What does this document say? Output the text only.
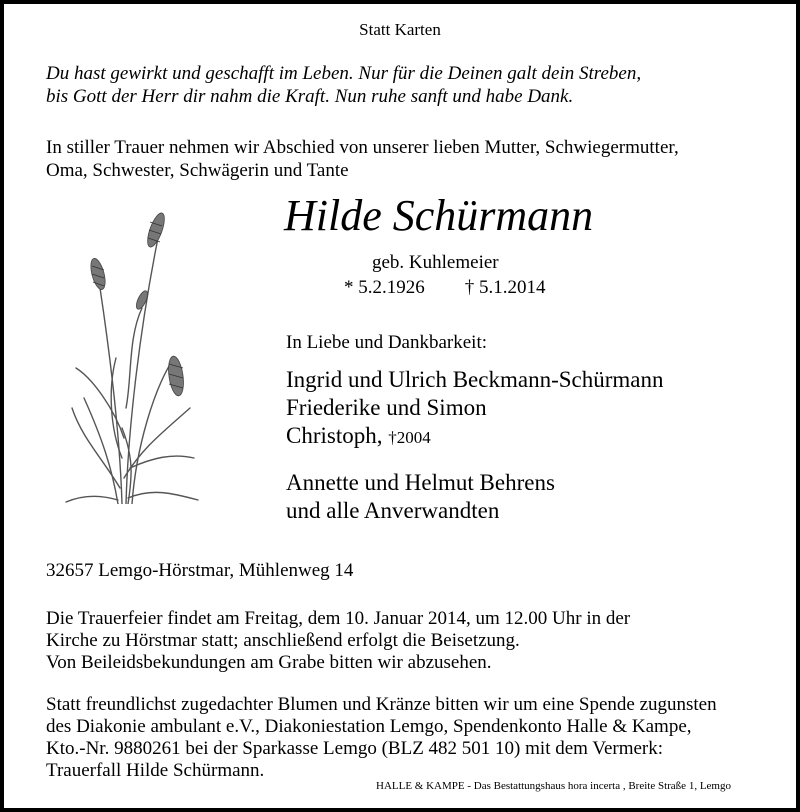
Statt Karten
Du hast gewirkt und geschafft im Leben. Nur für die Deinen galt dein Streben,
bis Gott der Herr dir nahm die Kraft. Nun ruhe sanft und habe Dank.
In stiller Trauer nehmen wir Abschied von unserer lieben Mutter, Schwiegermutter,
Oma, Schwester, Schwägerin und Tante
Hilde Schürmann
geb. Kuhlemeier
* 5.2.1926 † 5.1.2014
In Liebe und Dankbarkeit:
Ingrid und Ulrich Beckmann-Schürmann
Friederike und Simon
Christoph, †2004
Annette und Helmut Behrens
und alle Anverwandten
32657 Lemgo-Hörstmar, Mühlenweg 14
Die Trauerfeier findet am Freitag, dem 10. Januar 2014, um 12.00 Uhr in der
Kirche zu Hörstmar statt; anschließend erfolgt die Beisetzung.
Von Beileidsbekundungen am Grabe bitten wir abzusehen.
Statt freundlichst zugedachter Blumen und Kränze bitten wir um eine Spende zugunsten
des Diakonie ambulant e.V., Diakoniestation Lemgo, Spendenkonto Halle & Kampe,
Kto.-Nr. 9880261 bei der Sparkasse Lemgo (BLZ 482 501 10) mit dem Vermerk:
Trauerfall Hilde Schürmann.
HALLE & KAMPE - Das Bestattungshaus hora incerta , Breite Straße 1, Lemgo
